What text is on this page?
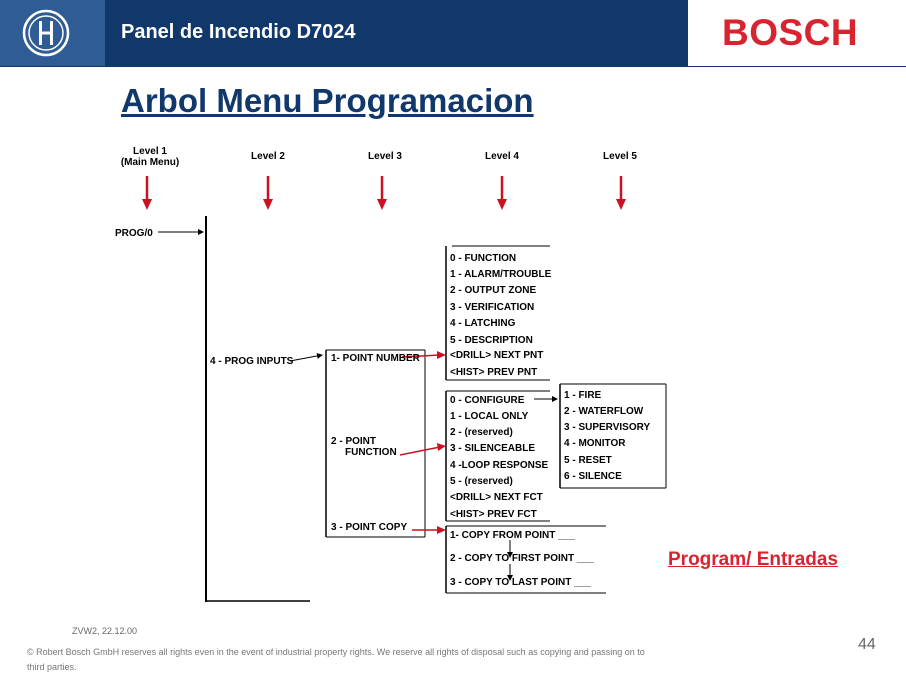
Panel de Incendio D7024	BOSCH
Arbol Menu Programacion
Level 1
(Main Menu)
Level 2	Level 3	Level 4	Level 5
PROG/0
4 - PROG INPUTS	1- POINT NUMBER
2 - POINT
FUNCTION
3 - POINT COPY
0 - FUNCTION
1 - ALARM/TROUBLE
2 - OUTPUT ZONE
3 - VERIFICATION
4 - LATCHING
5 - DESCRIPTION
<DRILL> NEXT PNT
<HIST> PREV PNT
0 - CONFIGURE
1 - LOCAL ONLY
2 - (reserved)
3 - SILENCEABLE
4 -LOOP RESPONSE
5 - (reserved)
<DRILL> NEXT FCT
<HIST> PREV FCT
1 - FIRE
2 - WATERFLOW
3 - SUPERVISORY
4 - MONITOR
5 - RESET
6 - SILENCE
1- COPY FROM POINT ___
2 - COPY TO FIRST POINT ___
3 - COPY TO LAST POINT ___
Program/ Entradas
ZVW2, 22.12.00
© Robert Bosch GmbH reserves all rights even in the event of industrial property rights. We reserve all rights of disposal such as copying and passing on to third parties.
44
